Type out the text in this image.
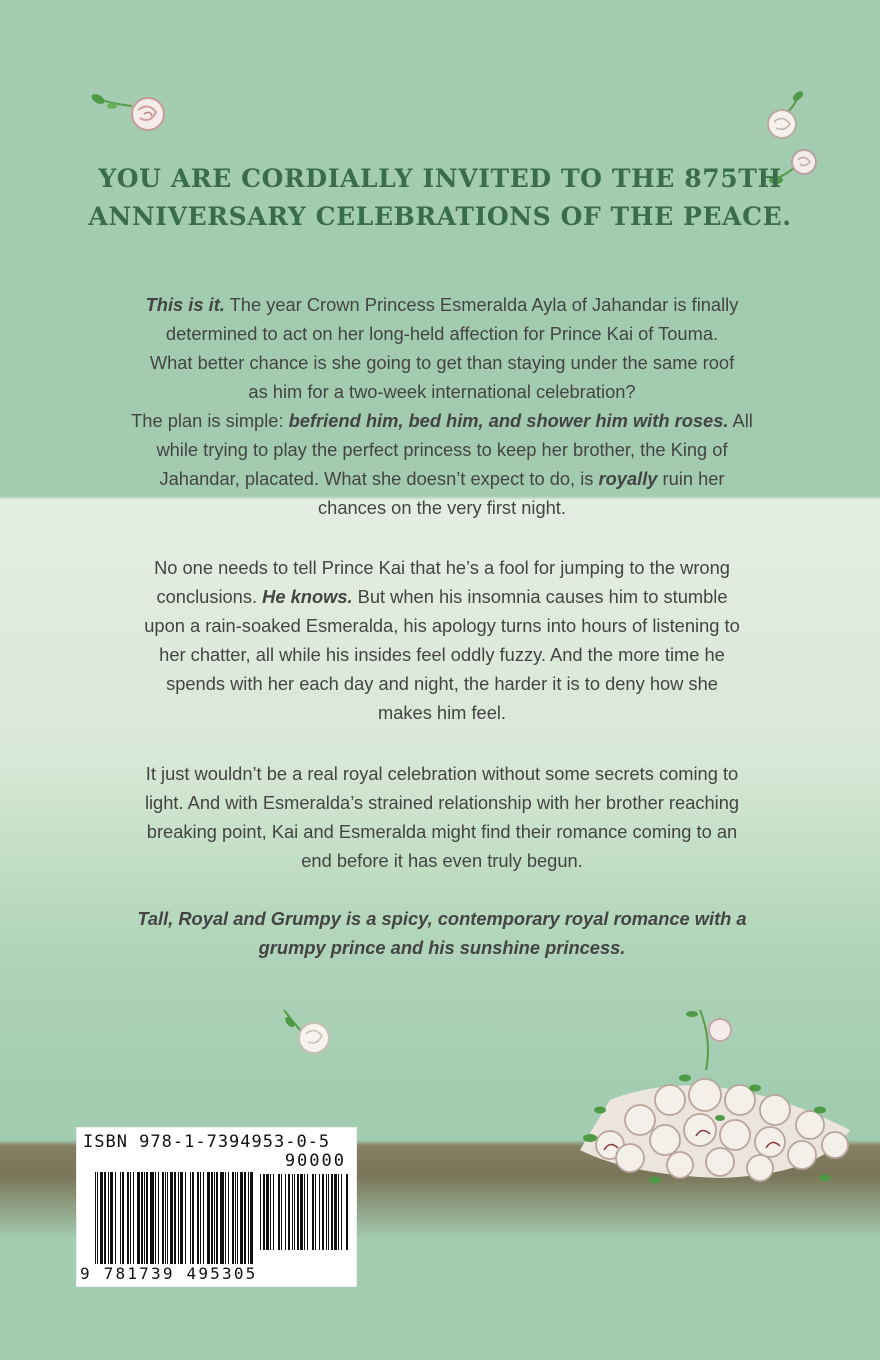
YOU ARE CORDIALLY INVITED TO THE 875TH
ANNIVERSARY CELEBRATIONS OF THE PEACE.
This is it. The year Crown Princess Esmeralda Ayla of Jahandar is finally
determined to act on her long-held affection for Prince Kai of Touma.
What better chance is she going to get than staying under the same roof
as him for a two-week international celebration?
The plan is simple: befriend him, bed him, and shower him with roses. All
while trying to play the perfect princess to keep her brother, the King of
Jahandar, placated. What she doesn’t expect to do, is royally ruin her
chances on the very first night.
No one needs to tell Prince Kai that he’s a fool for jumping to the wrong
conclusions. He knows. But when his insomnia causes him to stumble
upon a rain-soaked Esmeralda, his apology turns into hours of listening to
her chatter, all while his insides feel oddly fuzzy. And the more time he
spends with her each day and night, the harder it is to deny how she
makes him feel.
It just wouldn’t be a real royal celebration without some secrets coming to
light. And with Esmeralda’s strained relationship with her brother reaching
breaking point, Kai and Esmeralda might find their romance coming to an
end before it has even truly begun.
Tall, Royal and Grumpy is a spicy, contemporary royal romance with a
grumpy prince and his sunshine princess.
ISBN 978-1-7394953-0-5
90000
9 781739 495305
